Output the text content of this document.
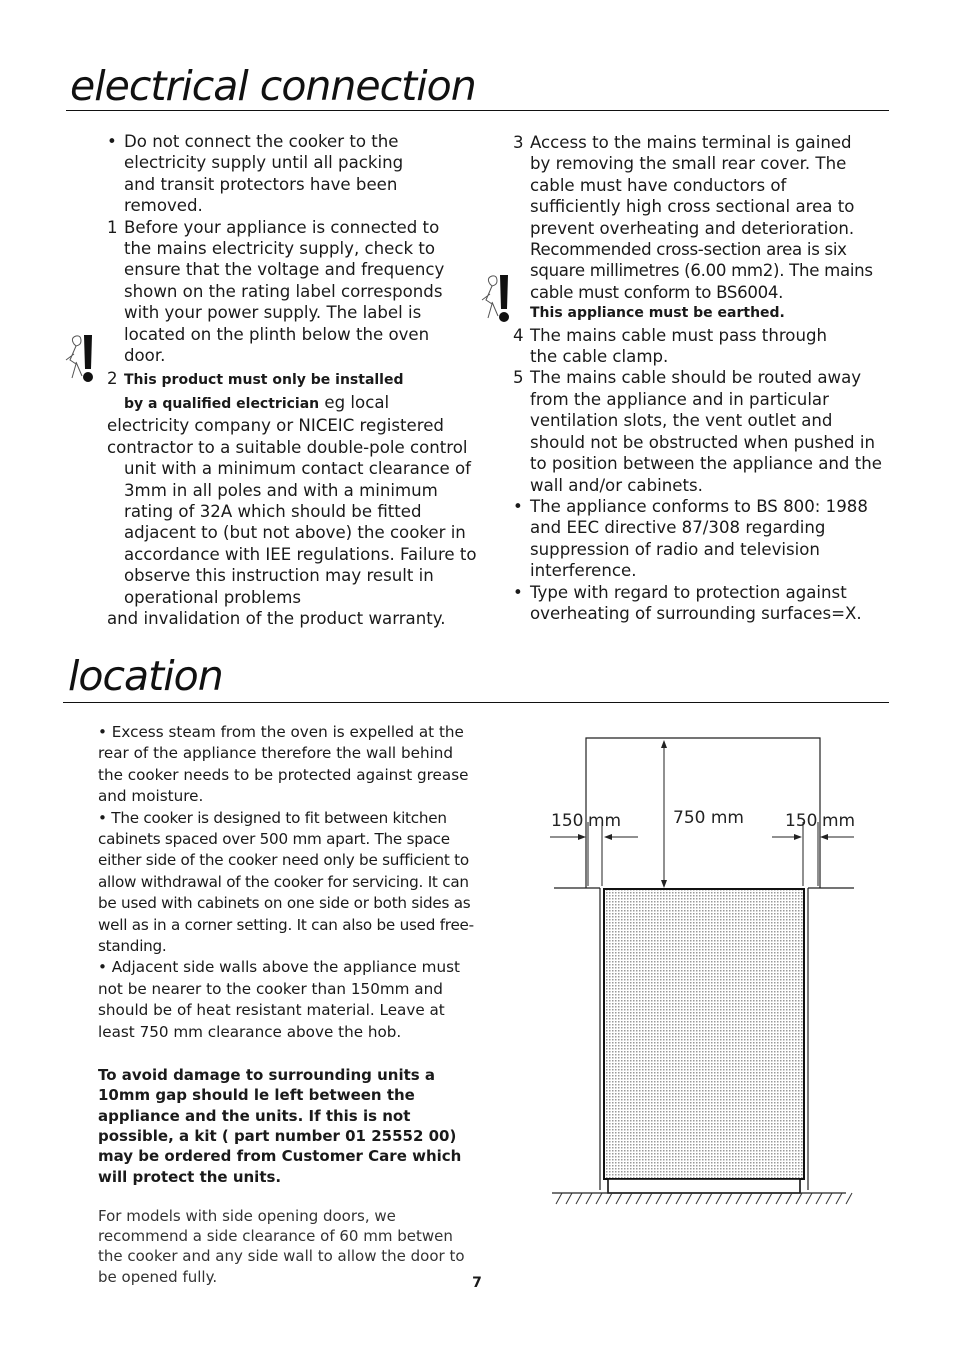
electrical connection
• Do not connect the cooker to the electricity supply until all packing and transit protectors have been removed.
1 Before your appliance is connected to the mains electricity supply, check to ensure that the voltage and frequency shown on the rating label corresponds with your power supply. The label is located on the plinth below the oven door.
2 This product must only be installed
by a qualified electrician eg local
electricity company or NICEIC registered
contractor to a suitable double-pole control

unit with a minimum contact clearance of 3mm in all poles and with a minimum rating of 32A which should be fitted adjacent to (but not above) the cooker in accordance with IEE regulations. Failure to observe this instruction may result in operational problems
and invalidation of the product warranty.
3 Access to the mains terminal is gained by removing the small rear cover. The cable must have conductors of sufficiently high cross sectional area to prevent overheating and deterioration.
Recommended cross-section area is six square millimetres (6.00 mm2). The mains cable must conform to BS6004.
This appliance must be earthed.
4 The mains cable must pass through the cable clamp.
5 The mains cable should be routed away from the appliance and in particular ventilation slots, the vent outlet and should not be obstructed when pushed in to position between the appliance and the wall and/or cabinets.
• The appliance conforms to BS 800: 1988 and EEC directive 87/308 regarding suppression of radio and television interference.
• Type with regard to protection against overheating of surrounding surfaces=X.
location

• Excess steam from the oven is expelled at the rear of the appliance therefore the wall behind the cooker needs to be protected against grease and moisture.

• The cooker is designed to fit between kitchen cabinets spaced over 500 mm apart. The space either side of the cooker need only be sufficient to allow withdrawal of the cooker for servicing. It can be used with cabinets on one side or both sides as well as in a corner setting. It can also be used free-standing.

• Adjacent side walls above the appliance must not be nearer to the cooker than 150mm and should be of heat resistant material. Leave at least 750 mm clearance above the hob.

To avoid damage to surrounding units a 10mm gap should le left between the appliance and the units. If this is not possible, a kit ( part number 01 25552 00) may be ordered from Customer Care which will protect the units.

For models with side opening doors, we recommend a side clearance of 60 mm betwen the cooker and any side wall to allow the door to be opened fully.

150 mm	750 mm 150 mm
7
